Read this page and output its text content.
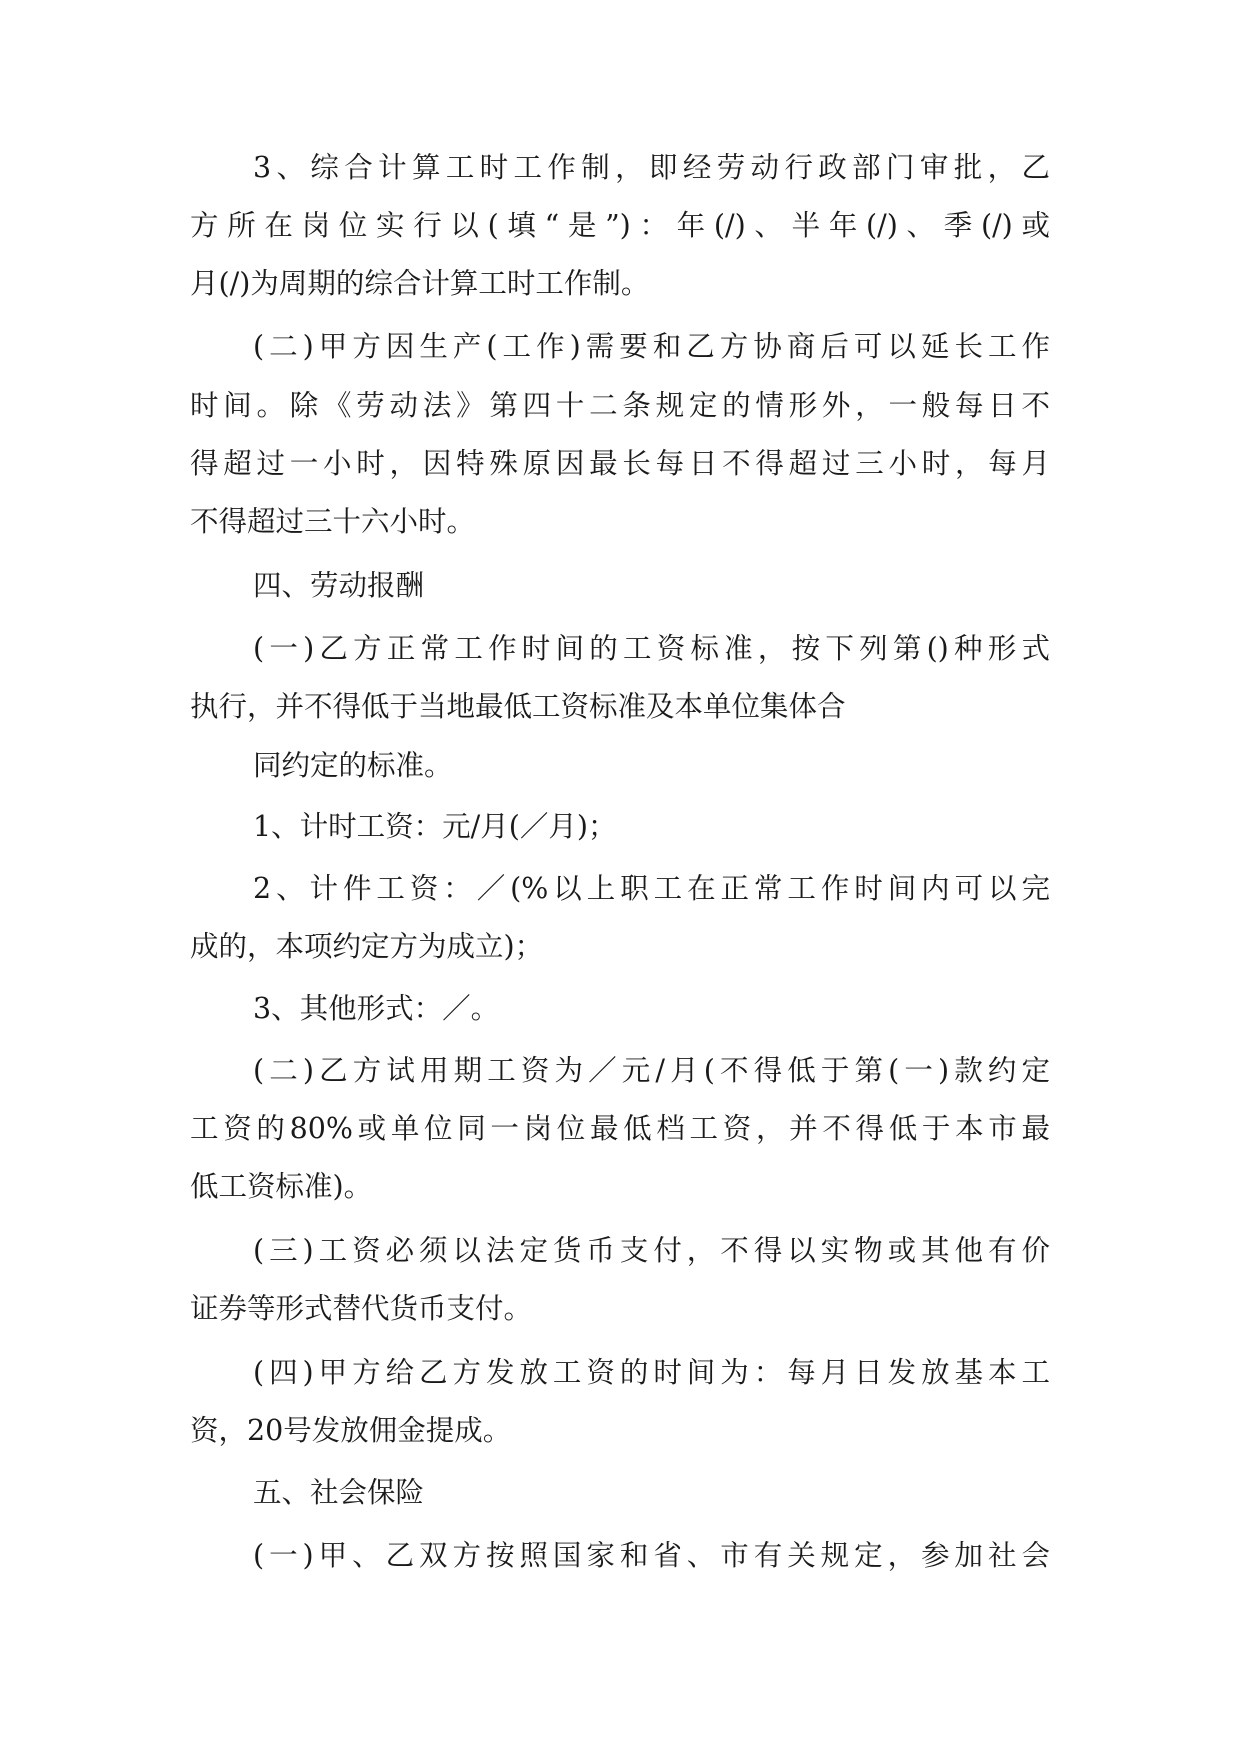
3、综合计算工时工作制，即经劳动行政部门审批，乙
方所在岗位实行以(填“是”)：年(/)、半年(/)、季(/)或
月(/)为周期的综合计算工时工作制。
(二)甲方因生产(工作)需要和乙方协商后可以延长工作
时间。除《劳动法》第四十二条规定的情形外，一般每日不
得超过一小时，因特殊原因最长每日不得超过三小时，每月
不得超过三十六小时。
四、劳动报酬
(一)乙方正常工作时间的工资标准，按下列第()种形式
执行，并不得低于当地最低工资标准及本单位集体合
同约定的标准。
1、计时工资：元/月(／月)；
2、计件工资：／(%以上职工在正常工作时间内可以完
成的，本项约定方为成立)；
3、其他形式：／。
(二)乙方试用期工资为／元/月(不得低于第(一)款约定
工资的80%或单位同一岗位最低档工资，并不得低于本市最
低工资标准)。
(三)工资必须以法定货币支付，不得以实物或其他有价
证券等形式替代货币支付。
(四)甲方给乙方发放工资的时间为：每月日发放基本工
资，20号发放佣金提成。
五、社会保险
(一)甲、乙双方按照国家和省、市有关规定，参加社会
